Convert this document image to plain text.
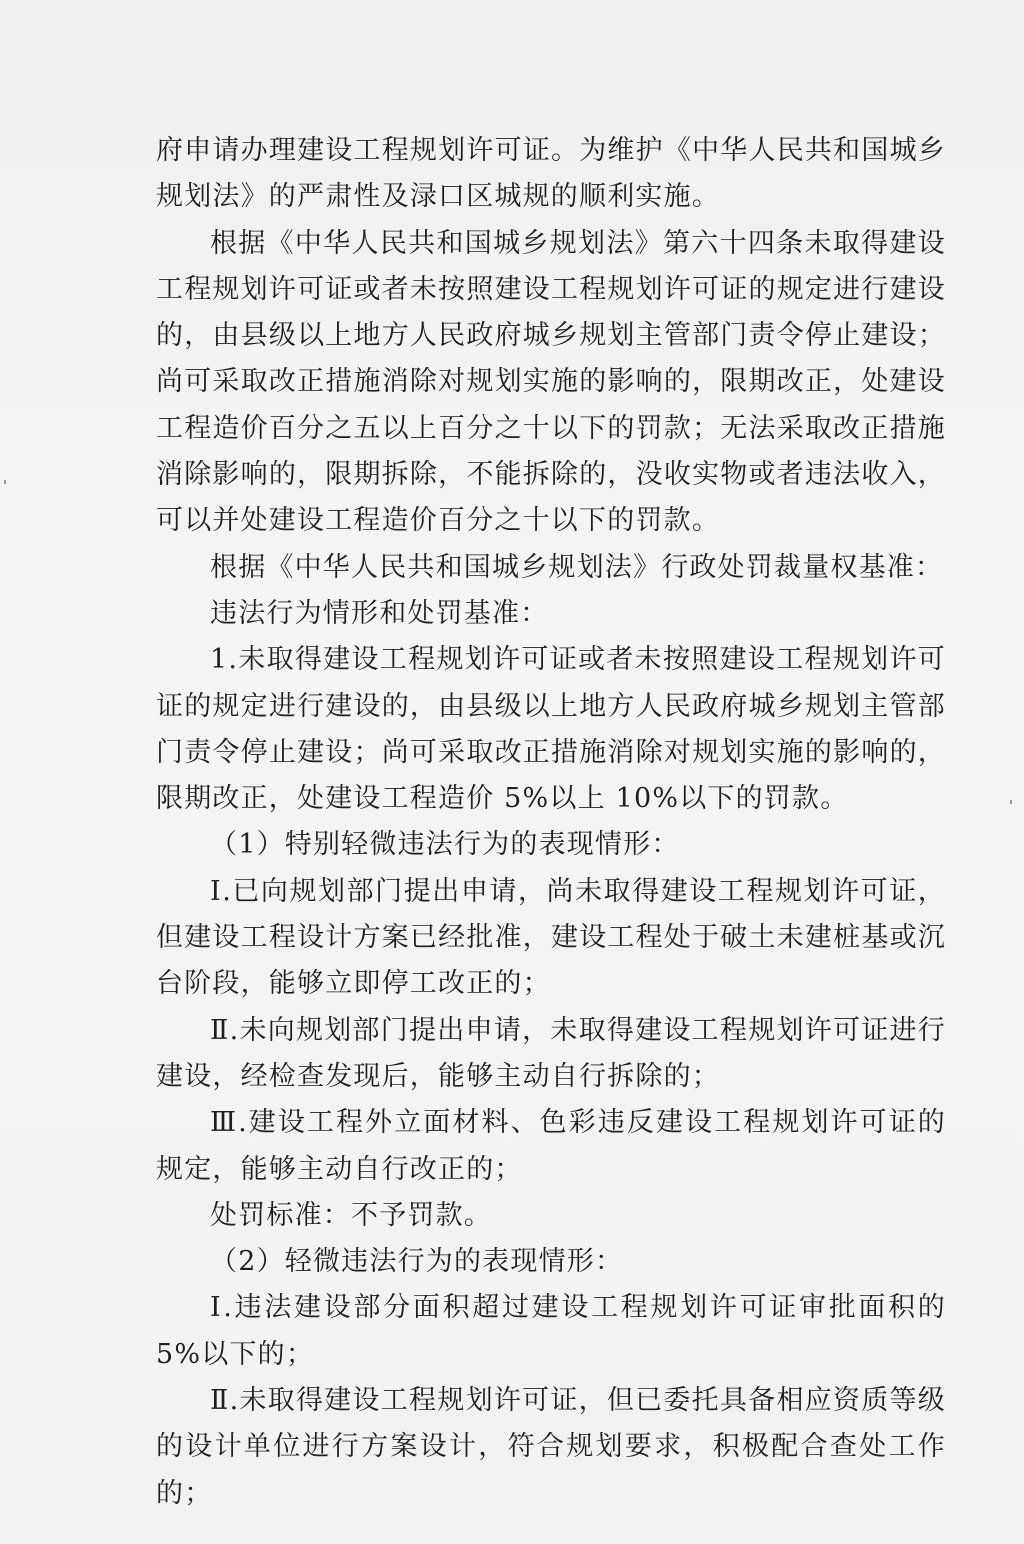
府申请办理建设工程规划许可证。为维护《中华人民共和国城乡规划法》的严肃性及渌口区城规的顺利实施。

根据《中华人民共和国城乡规划法》第六十四条未取得建设工程规划许可证或者未按照建设工程规划许可证的规定进行建设的，由县级以上地方人民政府城乡规划主管部门责令停止建设；尚可采取改正措施消除对规划实施的影响的，限期改正，处建设工程造价百分之五以上百分之十以下的罚款；无法采取改正措施消除影响的，限期拆除，不能拆除的，没收实物或者违法收入，可以并处建设工程造价百分之十以下的罚款。

根据《中华人民共和国城乡规划法》行政处罚裁量权基准：

违法行为情形和处罚基准：

1.未取得建设工程规划许可证或者未按照建设工程规划许可证的规定进行建设的，由县级以上地方人民政府城乡规划主管部门责令停止建设；尚可采取改正措施消除对规划实施的影响的，限期改正，处建设工程造价 5%以上 10%以下的罚款。

（1）特别轻微违法行为的表现情形：

Ⅰ.已向规划部门提出申请，尚未取得建设工程规划许可证，但建设工程设计方案已经批准，建设工程处于破土未建桩基或沉台阶段，能够立即停工改正的；

Ⅱ.未向规划部门提出申请，未取得建设工程规划许可证进行建设，经检查发现后，能够主动自行拆除的；

Ⅲ.建设工程外立面材料、色彩违反建设工程规划许可证的规定，能够主动自行改正的；

处罚标准：不予罚款。

（2）轻微违法行为的表现情形：

Ⅰ.违法建设部分面积超过建设工程规划许可证审批面积的 5%以下的；

Ⅱ.未取得建设工程规划许可证，但已委托具备相应资质等级的设计单位进行方案设计，符合规划要求，积极配合查处工作的；
